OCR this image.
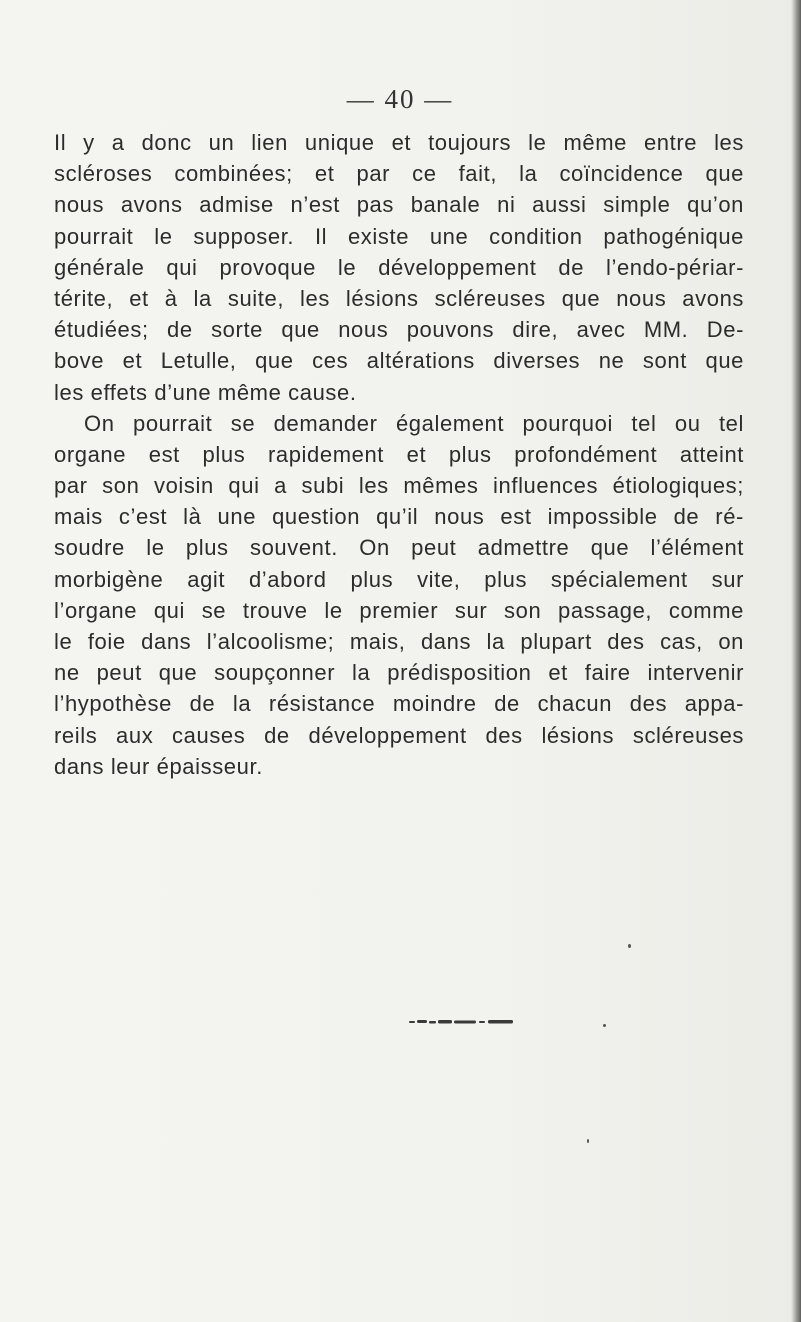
— 40 —
Il y a donc un lien unique et toujours le même entre les
scléroses combinées; et par ce fait, la coïncidence que
nous avons admise n’est pas banale ni aussi simple qu’on
pourrait le supposer. Il existe une condition pathogénique
générale qui provoque le développement de l’endo-périar-
térite, et à la suite, les lésions scléreuses que nous avons
étudiées; de sorte que nous pouvons dire, avec MM. De-
bove et Letulle, que ces altérations diverses ne sont que
les effets d’une même cause.
On pourrait se demander également pourquoi tel ou tel
organe est plus rapidement et plus profondément atteint
par son voisin qui a subi les mêmes influences étiologiques;
mais c’est là une question qu’il nous est impossible de ré-
soudre le plus souvent. On peut admettre que l’élément
morbigène agit d’abord plus vite, plus spécialement sur
l’organe qui se trouve le premier sur son passage, comme
le foie dans l’alcoolisme; mais, dans la plupart des cas, on
ne peut que soupçonner la prédisposition et faire intervenir
l’hypothèse de la résistance moindre de chacun des appa-
reils aux causes de développement des lésions scléreuses
dans leur épaisseur.
